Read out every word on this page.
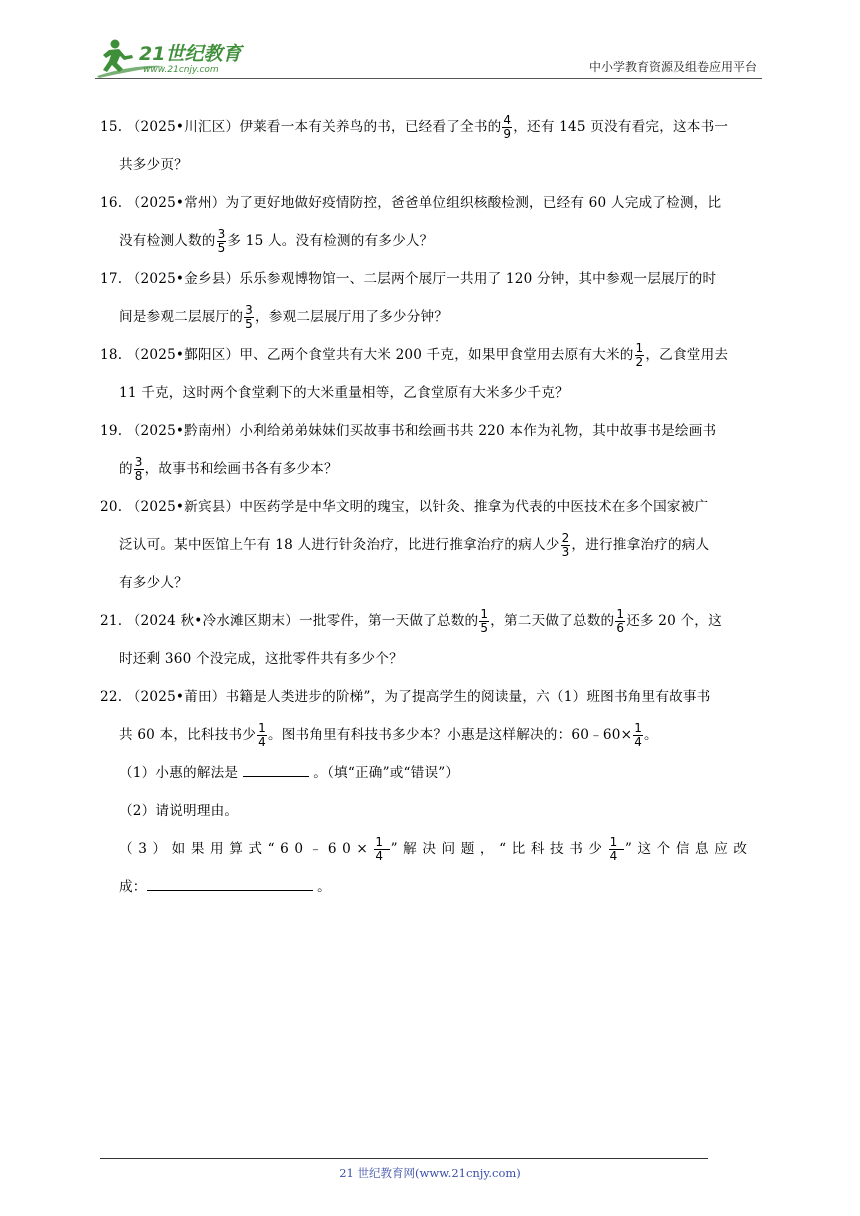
21世纪教育
www.21cnjy.com	中小学教育资源及组卷应用平台

15. （2025•川汇区）伊莱看一本有关养鸟的书，已经看了全书的 $\frac{4}{9}$ ，还有 145 页没有看完，这本书一

共多少页？

16. （2025•常州）为了更好地做好疫情防控，爸爸单位组织核酸检测，已经有 60 人完成了检测，比

没有检测人数的 $\frac{3}{5}$ 多 15 人。没有检测的有多少人？

17. （2025•金乡县）乐乐参观博物馆一、二层两个展厅一共用了 120 分钟，其中参观一层展厅的时

间是参观二层展厅的 $\frac{3}{5}$ ，参观二层展厅用了多少分钟？

18. （2025•鄞阳区）甲、乙两个食堂共有大米 200 千克，如果甲食堂用去原有大米的 $\frac{1}{2}$ ，乙食堂用去

11 千克，这时两个食堂剩下的大米重量相等，乙食堂原有大米多少千克？

19. （2025•黔南州）小利给弟弟妹妹们买故事书和绘画书共 220 本作为礼物，其中故事书是绘画书

的 $\frac{3}{8}$ ，故事书和绘画书各有多少本？

20. （2025•新宾县）中医药学是中华文明的瑰宝，以针灸、推拿为代表的中医技术在多个国家被广

泛认可。某中医馆上午有 18 人进行针灸治疗，比进行推拿治疗的病人少 $\frac{2}{3}$ ，进行推拿治疗的病人

有多少人？

21. （2024 秋•冷水滩区期末）一批零件，第一天做了总数的 $\frac{1}{5}$ ，第二天做了总数的 $\frac{1}{6}$ 还多 20 个，这

时还剩 360 个没完成，这批零件共有多少个？

22. （2025•莆田）书籍是人类进步的阶梯”，为了提高学生的阅读量，六（1）班图书角里有故事书

共 60 本，比科技书少 $\frac{1}{4}$ 。图书角里有科技书多少本？小惠是这样解决的：60﹣60× $\frac{1}{4}$ 。

（1）小惠的解法是	。（填“正确”或“错误”）

（2）请说明理由。

（3）如果用算式“60﹣60× $\frac{1}{4}$ ”解决问题，“比科技书少 $\frac{1}{4}$ ”这个信息应改

成：	。

21 世纪教育网(www.21cnjy.com)
